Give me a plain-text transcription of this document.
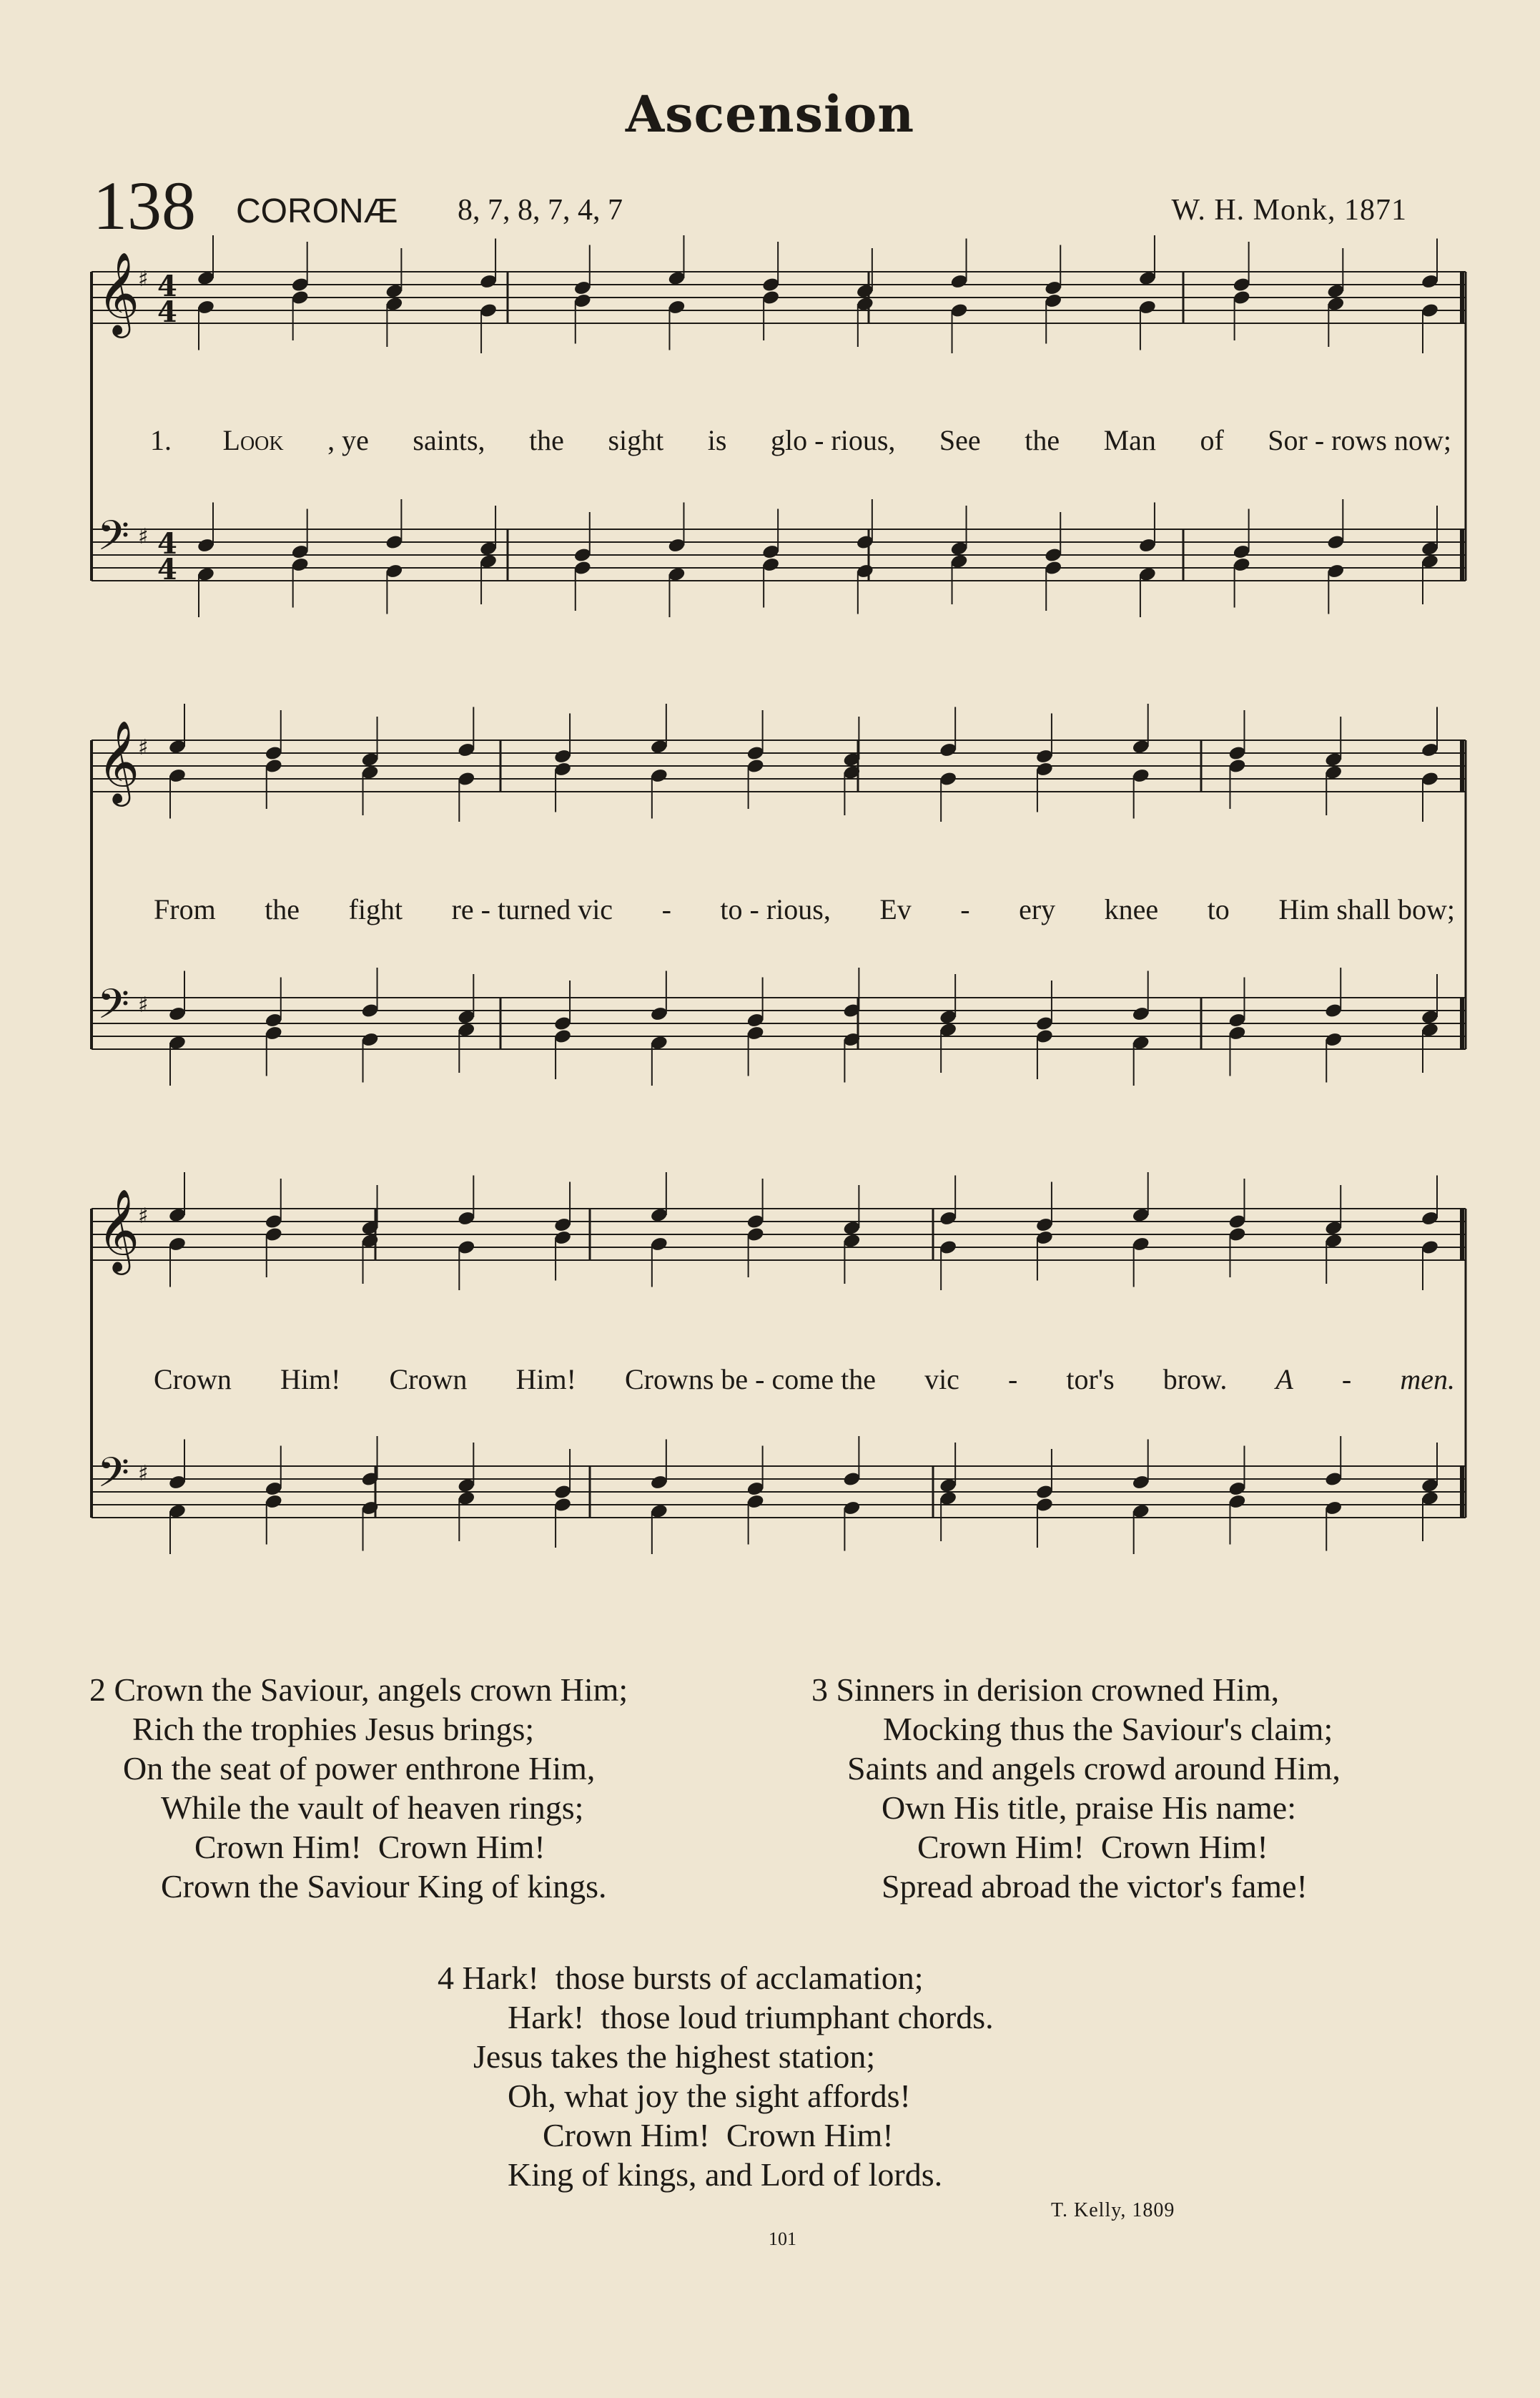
Ascension
138 CORONÆ 8, 7, 8, 7, 4, 7	W. H. Monk, 1871
𝄞
♯ 4
4
𝄢 ♯ 4
4
𝄞
♯
𝄢 ♯
𝄞
♯
𝄢 ♯
1. Look , ye saints, the sight is glo - rious, See the Man of Sor - rows now;
From the fight re - turned vic - to - rious, Ev - ery knee to Him shall bow;
Crown Him! Crown Him! Crowns be - come the vic - tor's brow. A - men.
2 Crown the Saviour, angels crown Him;
Rich the trophies Jesus brings;
On the seat of power enthrone Him,
While the vault of heaven rings;
Crown Him!  Crown Him!
Crown the Saviour King of kings.
3 Sinners in derision crowned Him,
Mocking thus the Saviour's claim;
Saints and angels crowd around Him,
Own His title, praise His name:
Crown Him!  Crown Him!
Spread abroad the victor's fame!
4 Hark!  those bursts of acclamation;
Hark!  those loud triumphant chords.
Jesus takes the highest station;
Oh, what joy the sight affords!
Crown Him!  Crown Him!
King of kings, and Lord of lords.
T. Kelly, 1809
101
